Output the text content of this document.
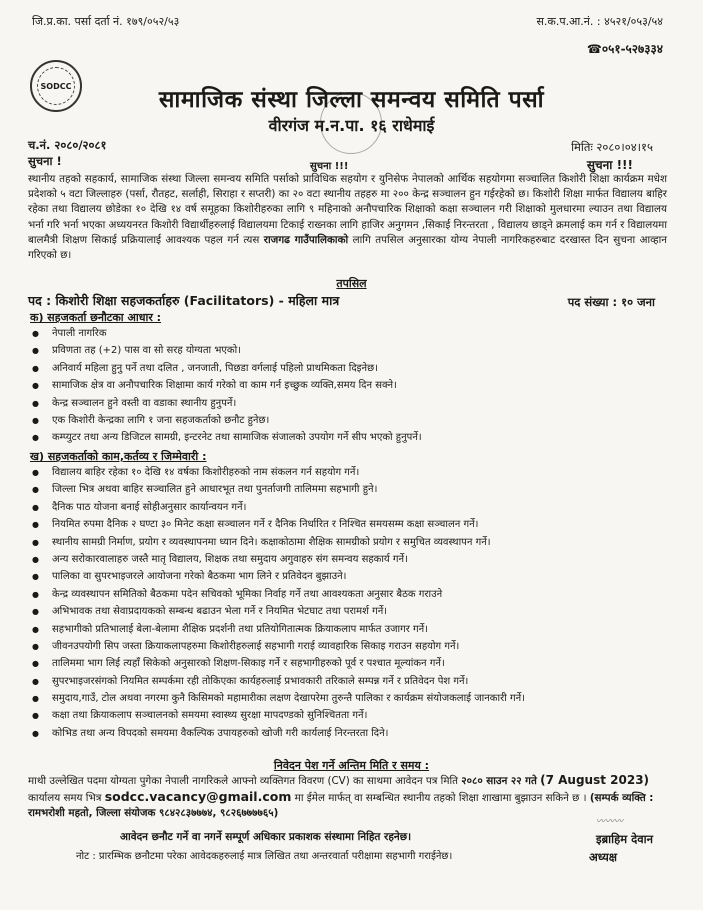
जि.प्र.का. पर्सा दर्ता नं. १७९/०५२/५३	स.क.प.आ.नं. : ४५२१/०५३/५४
☎०५१-५२७३३४
SODCC
सामाजिक संस्था जिल्ला समन्वय समिति पर्सा
वीरगंज म.न.पा. १६ राधेमाई
च.नं. २०८०/२०८१
सुचना !
मितिः २०८०।०४।१५
सुचना !!!	सुचना !!!
स्थानीय तहको सहकार्य, सामाजिक संस्था जिल्ला समन्वय समिति पर्साको प्राविधिक सहयोग र युनिसेफ नेपालको आर्थिक सहयोगमा सञ्चालित किशोरी शिक्षा कार्यक्रम मधेश प्रदेशको ५ वटा जिल्लाहरु (पर्सा, रौतहट, सर्लाही, सिराहा र सप्तरी) का २० वटा स्थानीय तहहरु मा २०० केन्द्र सञ्चालन हुन गईरहेको छ। किशोरी शिक्षा मार्फत विद्यालय बाहिर रहेका तथा विद्यालय छोडेका १० देखि १४ वर्ष समूहका किशोरीहरुका लागि ९ महिनाको अनौपचारिक शिक्षाको कक्षा सञ्चालन गरी शिक्षाको मुलधारमा ल्याउन तथा विद्यालय भर्ना गरि भर्ना भएका अध्ययनरत किशोरी विद्यार्थीहरुलाई विद्यालयमा टिकाई राख्नका लागि हाजिर अनुगमन ,सिकाई निरन्तरता , विद्यालय छाड्ने क्रमलाई कम गर्न र विद्यालयमा बालमैत्री शिक्षण सिकाई प्रक्रियालाई आवश्यक पहल गर्न त्यस राजगढ गाउँपालिकाको लागि तपसिल अनुसारका योग्य नेपाली नागरिकहरुबाट दरखास्त दिन सुचना आव्हान गरिएको छ।
तपसिल
पद : किशोरी शिक्षा सहजकर्ताहरु (Facilitators) - महिला मात्र	पद संख्या : १० जना
क) सहजकर्ता छनौटका आधार :
● नेपाली नागरिक
● प्रविणता तह (+2) पास वा सो सरह योग्यता भएको।
● अनिवार्य महिला हुनु पर्ने तथा दलित , जनजाती, पिछडा वर्गलाई पहिलो प्राथमिकता दिइनेछ।
● सामाजिक क्षेत्र वा अनौपचारिक शिक्षामा कार्य गरेको वा काम गर्न इच्छुक व्यक्ति,समय दिन सक्ने।
● केन्द्र सञ्चालन हुने वस्ती वा वडाका स्थानीय हुनुपर्ने।
● एक किशोरी केन्द्रका लागि १ जना सहजकर्ताको छनौट हुनेछ।
● कम्प्युटर तथा अन्य डिजिटल सामग्री, इन्टरनेट तथा सामाजिक संजालको उपयोग गर्ने सीप भएको हुनुपर्ने।
ख) सहजकर्ताको काम,कर्तव्य र जिम्मेवारी :
● विद्यालय बाहिर रहेका १० देखि १४ वर्षका किशोरीहरुको नाम संकलन गर्न सहयोग गर्ने।
● जिल्ला भित्र अथवा बाहिर सञ्चालित हुने आधारभूत तथा पुनर्ताजगी तालिममा सहभागी हुने।
● दैनिक पाठ योजना बनाई सोहीअनुसार कार्यान्वयन गर्ने।
● नियमित रुपमा दैनिक २ घण्टा ३० मिनेट कक्षा सञ्चालन गर्ने र दैनिक निर्धारित र निश्चित समयसम्म कक्षा सञ्चालन गर्ने।
● स्थानीय सामग्री निर्माण, प्रयोग र व्यवस्थापनमा ध्यान दिने। कक्षाकोठामा शैक्षिक सामग्रीको प्रयोग र समुचित व्यवस्थापन गर्ने।
● अन्य सरोकारवालाहरु जस्तै मातृ विद्यालय, शिक्षक तथा समुदाय अगुवाहरु संग समन्वय सहकार्य गर्ने।
● पालिका वा सुपरभाइजरले आयोजना गरेको बैठकमा भाग लिने र प्रतिवेदन बुझाउने।
● केन्द्र व्यवस्थापन समितिको बैठकमा पदेन सचिवको भूमिका निर्वाह गर्ने तथा आवश्यकता अनुसार बैठक गराउने
● अभिभावक तथा सेवाप्रदायकको सम्बन्ध बढाउन भेला गर्ने र नियमित भेटघाट तथा परामर्श गर्ने।
● सहभागीको प्रतिभालाई बेला-बेलामा शैक्षिक प्रदर्शनी तथा प्रतियोगितात्मक क्रियाकलाप मार्फत उजागर गर्ने।
● जीवनउपयोगी सिप जस्ता क्रियाकलापहरुमा किशोरीहरुलाई सहभागी गराई व्यावहारिक सिकाइ गराउन सहयोग गर्ने।
● तालिममा भाग लिई त्यहाँ सिकेको अनुसारको शिक्षण-सिकाइ गर्ने र सहभागीहरुको पूर्व र पश्चात मूल्यांकन गर्ने।
● सुपरभाइजरसंगको नियमित सम्पर्कमा रही तोकिएका कार्यहरुलाई प्रभावकारी तरिकाले सम्पन्न गर्ने र प्रतिवेदन पेश गर्ने।
● समुदाय,गाउँ, टोल अथवा नगरमा कुनै किसिमको महामारीका लक्षण देखापरेमा तुरुन्तै पालिका र कार्यक्रम संयोजकलाई जानकारी गर्ने।
● कक्षा तथा क्रियाकलाप सञ्चालनको समयमा स्वास्थ्य सुरक्षा मापदण्डको सुनिश्चितता गर्ने।
● कोभिड तथा अन्य विपदको समयमा वैकल्पिक उपायहरुको खोजी गरी कार्यलाई निरन्तरता दिने।
निवेदन पेश गर्ने अन्तिम मिति र समय :
माथी उल्लेखित पदमा योग्यता पुगेका नेपाली नागरिकले आफ्नो व्यक्तिगत विवरण (CV) का साथमा आवेदन पत्र मिति २०८० साउन २२ गते (7 August 2023) कार्यालय समय भित्र sodcc.vacancy@gmail.com मा ईमेल मार्फत् वा सम्बन्धित स्थानीय तहको शिक्षा शाखामा बुझाउन सकिने छ । (सम्पर्क व्यक्ति : रामभरोशी महतो, जिल्ला संयोजक ९८४२८३७७७४, ९८२६७७७७६५)
आवेदन छनौट गर्ने वा नगर्ने सम्पूर्ण अधिकार प्रकाशक संस्थामा निहित रहनेछ।
नोट : प्रारम्भिक छनौटमा परेका आवेदकहरुलाई मात्र लिखित तथा अन्तरवार्ता परीक्षामा सहभागी गराईनेछ।
〰〰〰
इब्राहिम देवान
अध्यक्ष
